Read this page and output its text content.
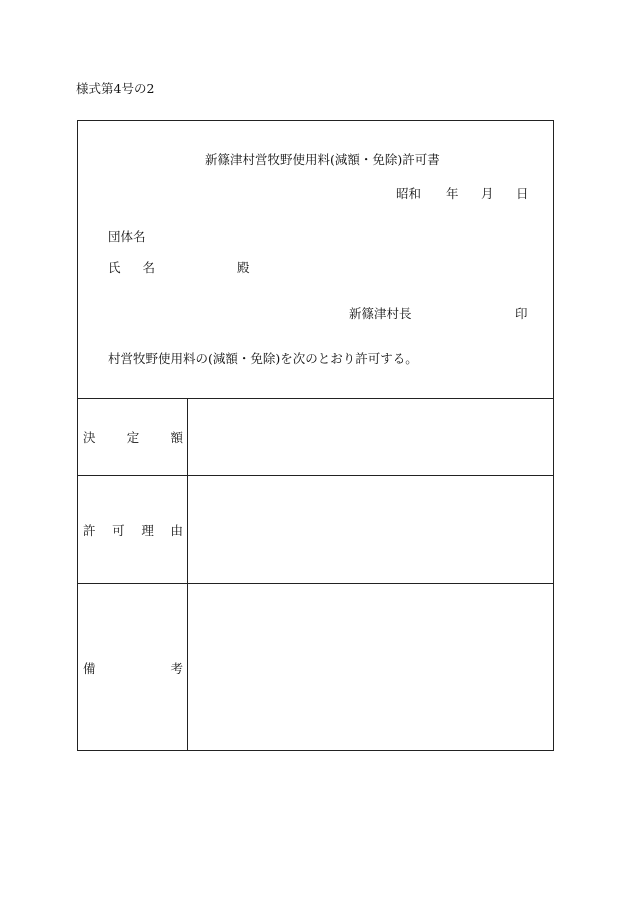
様式第4号の2
新篠津村営牧野使用料(減額・免除)許可書
昭和 年 月 日
団体名
氏 名	殿
新篠津村長	印
村営牧野使用料の(減額・免除)を次のとおり許可する。
決 定 額
許 可 理 由
備	考
